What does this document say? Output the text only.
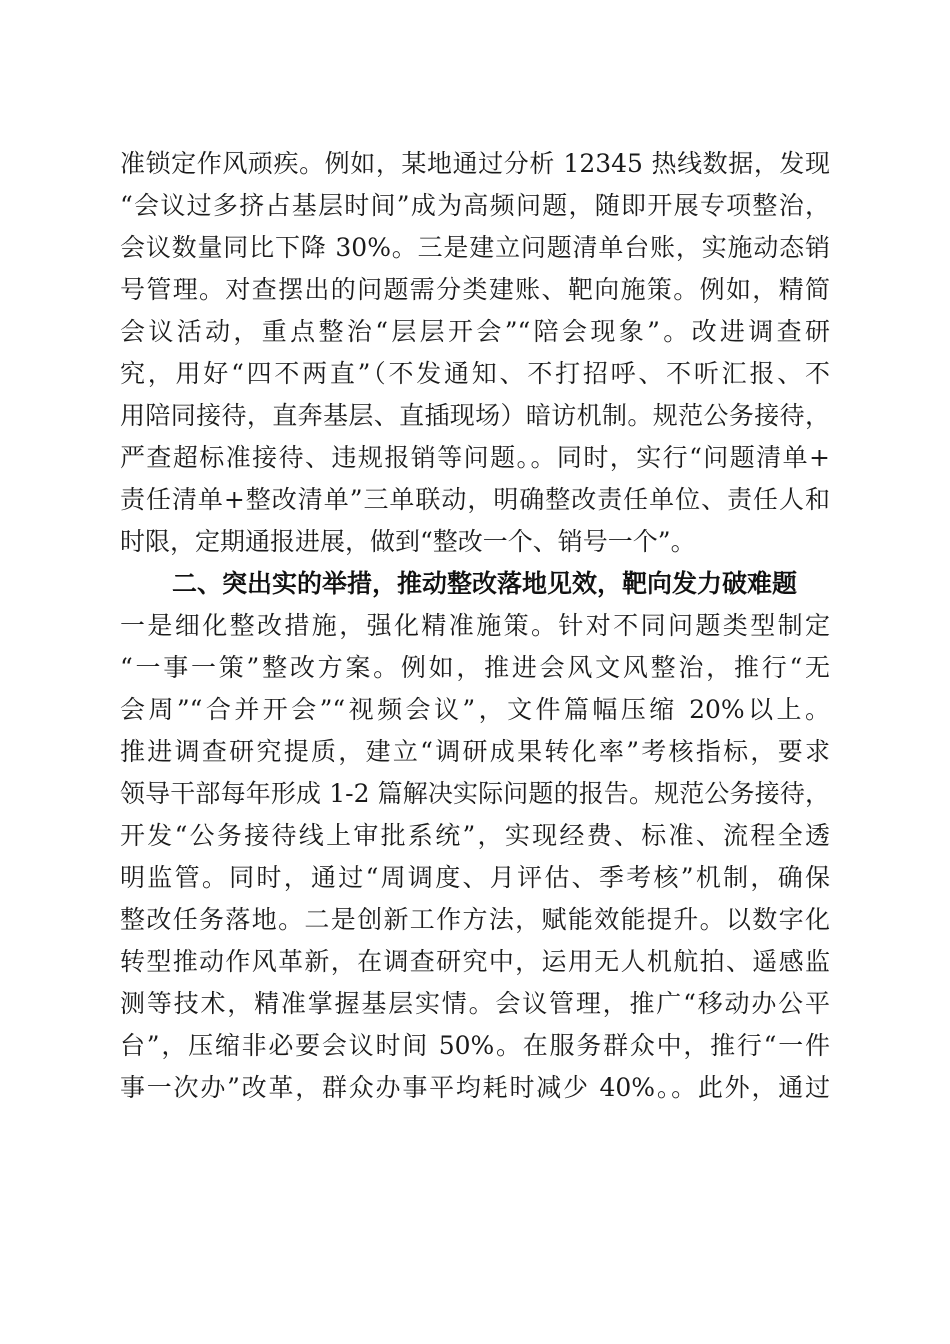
准锁定作风顽疾。例如，某地通过分析 12345 热线数据，发现
“会议过多挤占基层时间”成为高频问题，随即开展专项整治，
会议数量同比下降 30%。三是建立问题清单台账，实施动态销
号管理。对查摆出的问题需分类建账、靶向施策。例如，精简
会议活动，重点整治“层层开会”“陪会现象”。改进调查研
究，用好“四不两直”（不发通知、不打招呼、不听汇报、不
用陪同接待，直奔基层、直插现场）暗访机制。规范公务接待，
严查超标准接待、违规报销等问题。。同时，实行“问题清单+
责任清单+整改清单”三单联动，明确整改责任单位、责任人和
时限，定期通报进展，做到“整改一个、销号一个”。
二、突出实的举措，推动整改落地见效，靶向发力破难题
一是细化整改措施，强化精准施策。针对不同问题类型制定
“一事一策”整改方案。例如，推进会风文风整治，推行“无
会周”“合并开会”“视频会议”，文件篇幅压缩 20%以上。
推进调查研究提质，建立“调研成果转化率”考核指标，要求
领导干部每年形成 1-2 篇解决实际问题的报告。规范公务接待，
开发“公务接待线上审批系统”，实现经费、标准、流程全透
明监管。同时，通过“周调度、月评估、季考核”机制，确保
整改任务落地。二是创新工作方法，赋能效能提升。以数字化
转型推动作风革新，在调查研究中，运用无人机航拍、遥感监
测等技术，精准掌握基层实情。会议管理，推广“移动办公平
台”，压缩非必要会议时间 50%。在服务群众中，推行“一件
事一次办”改革，群众办事平均耗时减少 40%。。此外，通过
